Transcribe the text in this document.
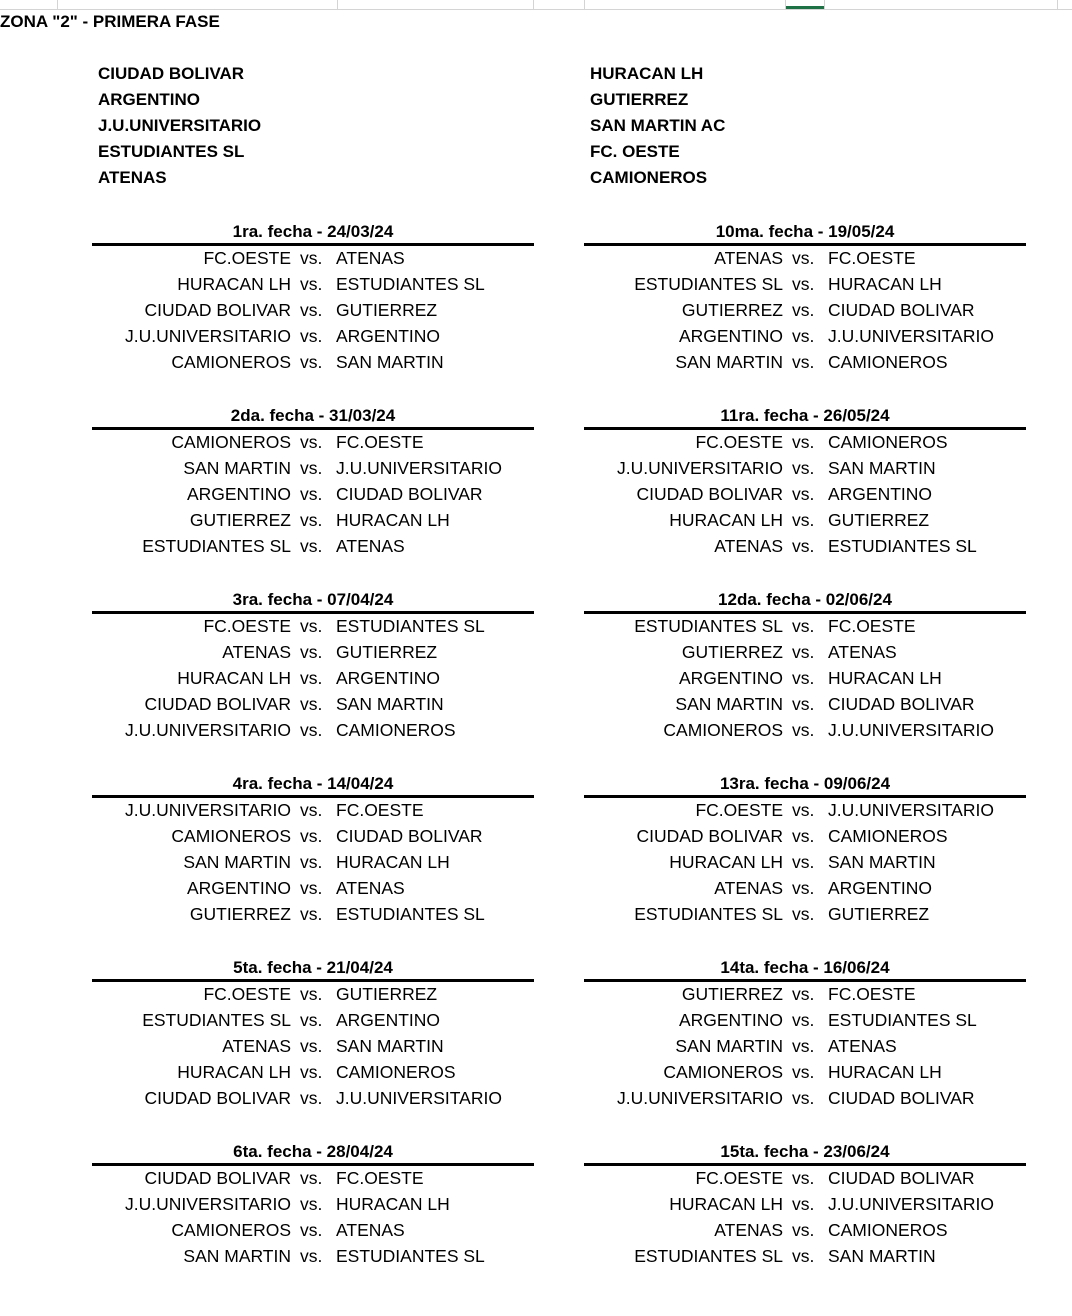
ZONA "2" - PRIMERA FASE
CIUDAD BOLIVAR
ARGENTINO
J.U.UNIVERSITARIO
ESTUDIANTES SL
ATENAS
HURACAN LH
GUTIERREZ
SAN MARTIN AC
FC. OESTE
CAMIONEROS
1ra. fecha - 24/03/24
FC.OESTE vs. ATENAS
HURACAN LH vs. ESTUDIANTES SL
CIUDAD BOLIVAR vs. GUTIERREZ
J.U.UNIVERSITARIO vs. ARGENTINO
CAMIONEROS vs. SAN MARTIN
2da. fecha - 31/03/24
CAMIONEROS vs. FC.OESTE
SAN MARTIN vs. J.U.UNIVERSITARIO
ARGENTINO vs. CIUDAD BOLIVAR
GUTIERREZ vs. HURACAN LH
ESTUDIANTES SL vs. ATENAS
3ra. fecha - 07/04/24
FC.OESTE vs. ESTUDIANTES SL
ATENAS vs. GUTIERREZ
HURACAN LH vs. ARGENTINO
CIUDAD BOLIVAR vs. SAN MARTIN
J.U.UNIVERSITARIO vs. CAMIONEROS
4ra. fecha - 14/04/24
J.U.UNIVERSITARIO vs. FC.OESTE
CAMIONEROS vs. CIUDAD BOLIVAR
SAN MARTIN vs. HURACAN LH
ARGENTINO vs. ATENAS
GUTIERREZ vs. ESTUDIANTES SL
5ta. fecha - 21/04/24
FC.OESTE vs. GUTIERREZ
ESTUDIANTES SL vs. ARGENTINO
ATENAS vs. SAN MARTIN
HURACAN LH vs. CAMIONEROS
CIUDAD BOLIVAR vs. J.U.UNIVERSITARIO
6ta. fecha - 28/04/24
CIUDAD BOLIVAR vs. FC.OESTE
J.U.UNIVERSITARIO vs. HURACAN LH
CAMIONEROS vs. ATENAS
SAN MARTIN vs. ESTUDIANTES SL
10ma. fecha - 19/05/24
ATENAS vs. FC.OESTE
ESTUDIANTES SL vs. HURACAN LH
GUTIERREZ vs. CIUDAD BOLIVAR
ARGENTINO vs. J.U.UNIVERSITARIO
SAN MARTIN vs. CAMIONEROS
11ra. fecha - 26/05/24
FC.OESTE vs. CAMIONEROS
J.U.UNIVERSITARIO vs. SAN MARTIN
CIUDAD BOLIVAR vs. ARGENTINO
HURACAN LH vs. GUTIERREZ
ATENAS vs. ESTUDIANTES SL
12da. fecha - 02/06/24
ESTUDIANTES SL vs. FC.OESTE
GUTIERREZ vs. ATENAS
ARGENTINO vs. HURACAN LH
SAN MARTIN vs. CIUDAD BOLIVAR
CAMIONEROS vs. J.U.UNIVERSITARIO
13ra. fecha - 09/06/24
FC.OESTE vs. J.U.UNIVERSITARIO
CIUDAD BOLIVAR vs. CAMIONEROS
HURACAN LH vs. SAN MARTIN
ATENAS vs. ARGENTINO
ESTUDIANTES SL vs. GUTIERREZ
14ta. fecha - 16/06/24
GUTIERREZ vs. FC.OESTE
ARGENTINO vs. ESTUDIANTES SL
SAN MARTIN vs. ATENAS
CAMIONEROS vs. HURACAN LH
J.U.UNIVERSITARIO vs. CIUDAD BOLIVAR
15ta. fecha - 23/06/24
FC.OESTE vs. CIUDAD BOLIVAR
HURACAN LH vs. J.U.UNIVERSITARIO
ATENAS vs. CAMIONEROS
ESTUDIANTES SL vs. SAN MARTIN
